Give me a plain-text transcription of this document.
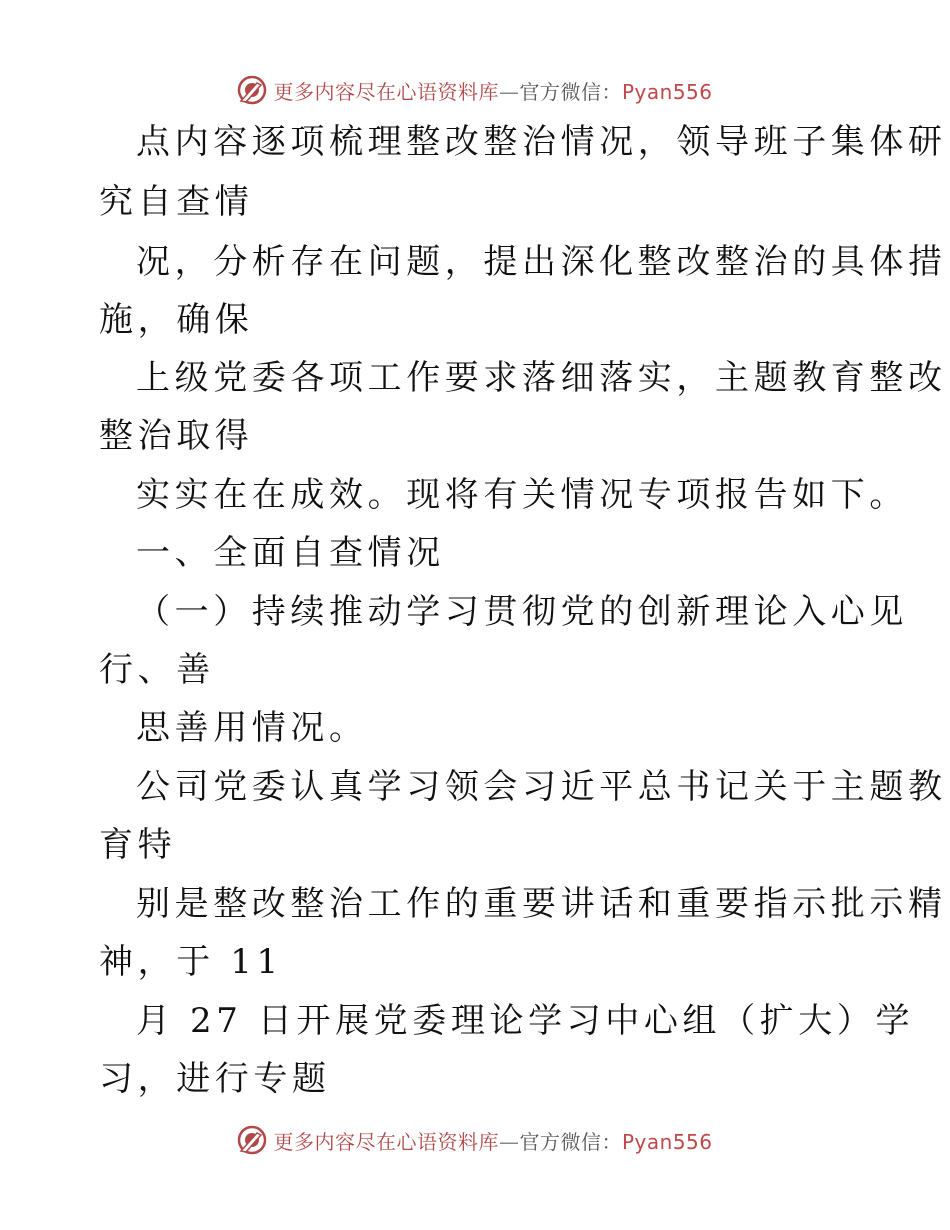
更多内容尽在心语资料库—官方微信：Pyan556
点内容逐项梳理整改整治情况，领导班子集体研
究自查情
况，分析存在问题，提出深化整改整治的具体措
施，确保
上级党委各项工作要求落细落实，主题教育整改
整治取得
实实在在成效。现将有关情况专项报告如下。
一、全面自查情况
（一）持续推动学习贯彻党的创新理论入心见
行、善
思善用情况。
公司党委认真学习领会习近平总书记关于主题教
育特
别是整改整治工作的重要讲话和重要指示批示精
神，于 11
月 27 日开展党委理论学习中心组（扩大）学
习，进行专题
更多内容尽在心语资料库—官方微信：Pyan556
